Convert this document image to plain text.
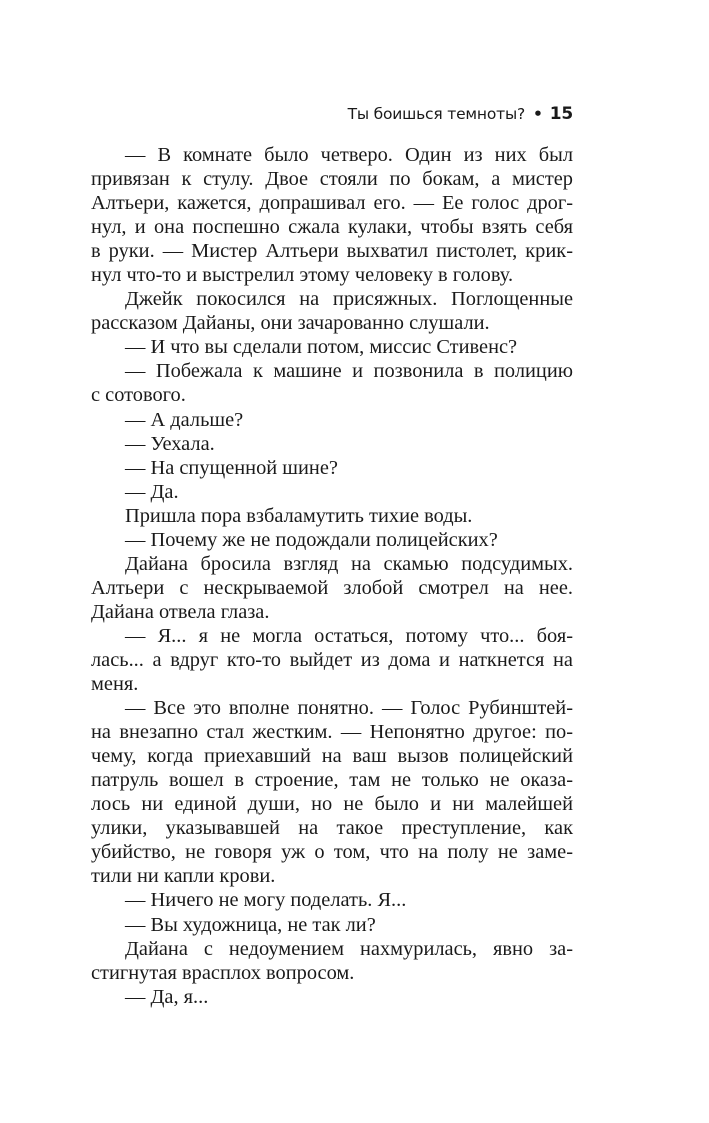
Ты боишься темноты? • 15
— В комнате было четверо. Один из них был
привязан к стулу. Двое стояли по бокам, а мистер
Алтьери, кажется, допрашивал его. — Ее голос дрог-
нул, и она поспешно сжала кулаки, чтобы взять себя
в руки. — Мистер Алтьери выхватил пистолет, крик-
нул что-то и выстрелил этому человеку в голову.
Джейк покосился на присяжных. Поглощенные
рассказом Дайаны, они зачарованно слушали.
— И что вы сделали потом, миссис Стивенс?
— Побежала к машине и позвонила в полицию
с сотового.
— А дальше?
— Уехала.
— На спущенной шине?
— Да.
Пришла пора взбаламутить тихие воды.
— Почему же не подождали полицейских?
Дайана бросила взгляд на скамью подсудимых.
Алтьери с нескрываемой злобой смотрел на нее.
Дайана отвела глаза.
— Я... я не могла остаться, потому что... боя-
лась... а вдруг кто-то выйдет из дома и наткнется на
меня.
— Все это вполне понятно. — Голос Рубинштей-
на внезапно стал жестким. — Непонятно другое: по-
чему, когда приехавший на ваш вызов полицейский
патруль вошел в строение, там не только не оказа-
лось ни единой души, но не было и ни малейшей
улики, указывавшей на такое преступление, как
убийство, не говоря уж о том, что на полу не заме-
тили ни капли крови.
— Ничего не могу поделать. Я...
— Вы художница, не так ли?
Дайана с недоумением нахмурилась, явно за-
стигнутая врасплох вопросом.
— Да, я...
